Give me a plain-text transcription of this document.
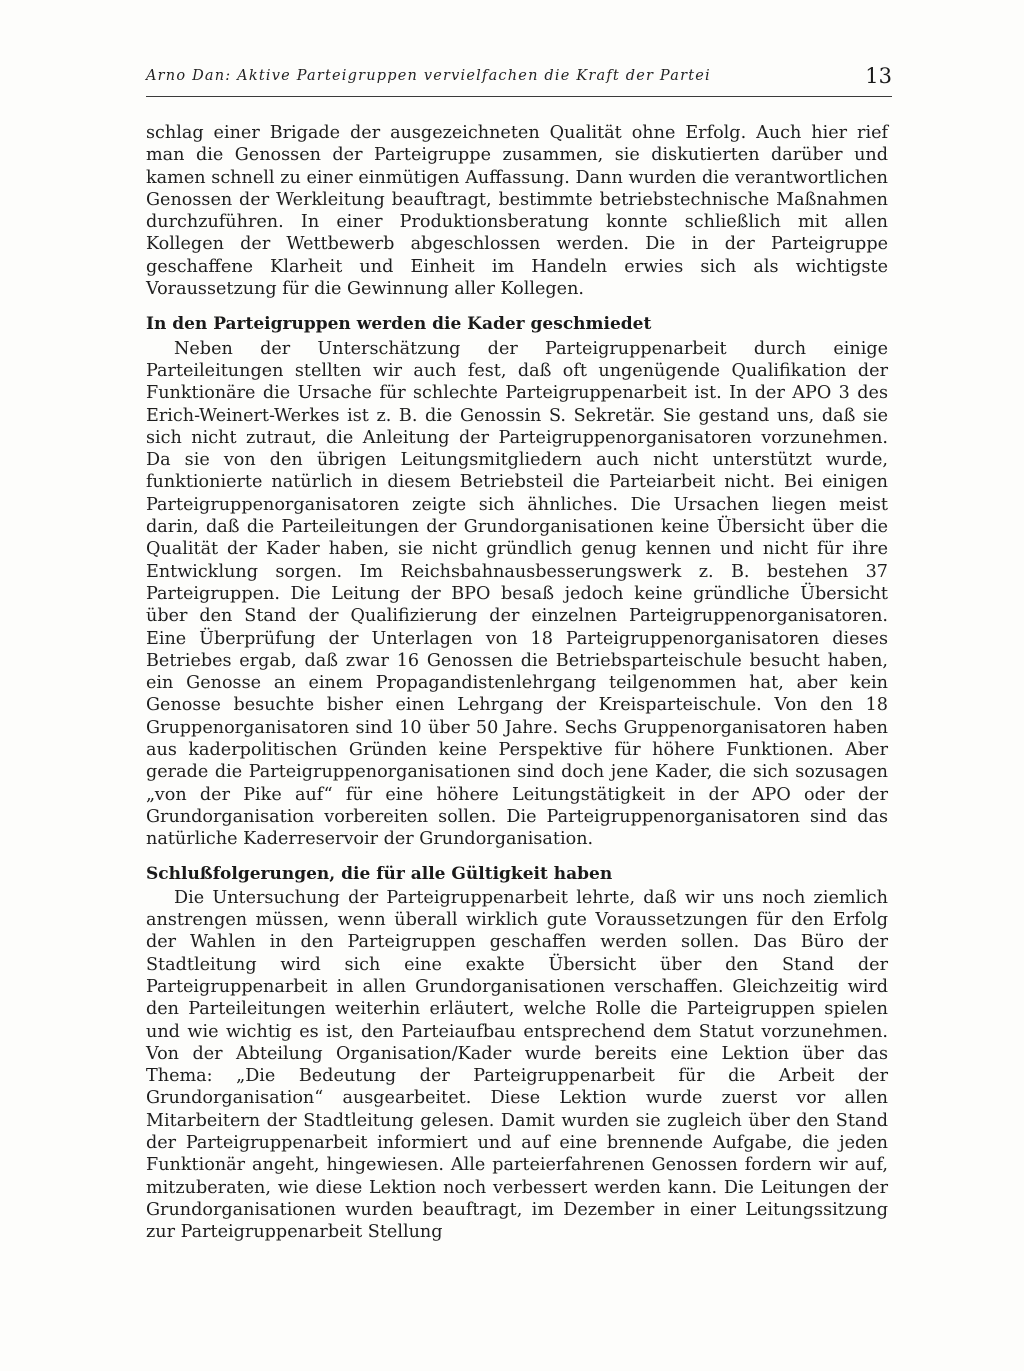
Arno Dan: Aktive Parteigruppen vervielfachen die Kraft der Partei	13

schlag einer Brigade der ausgezeichneten Qualität ohne Erfolg. Auch hier rief man die Genossen der Parteigruppe zusammen, sie diskutierten darüber und kamen schnell zu einer einmütigen Auffassung. Dann wurden die verantwortlichen Genossen der Werkleitung beauftragt, bestimmte betriebstechnische Maßnahmen durchzuführen. In einer Produktionsberatung konnte schließlich mit allen Kollegen der Wettbewerb abgeschlossen werden. Die in der Parteigruppe geschaffene Klarheit und Einheit im Handeln erwies sich als wichtigste Voraussetzung für die Gewinnung aller Kollegen.

In den Parteigruppen werden die Kader geschmiedet

Neben der Unterschätzung der Parteigruppenarbeit durch einige Parteileitungen stellten wir auch fest, daß oft ungenügende Qualifikation der Funktionäre die Ursache für schlechte Parteigruppenarbeit ist. In der APO 3 des Erich-Weinert-Werkes ist z. B. die Genossin S. Sekretär. Sie gestand uns, daß sie sich nicht zutraut, die Anleitung der Parteigruppenorganisatoren vorzunehmen. Da sie von den übrigen Leitungsmitgliedern auch nicht unterstützt wurde, funktionierte natürlich in diesem Betriebsteil die Parteiarbeit nicht. Bei einigen Parteigruppenorganisatoren zeigte sich ähnliches. Die Ursachen liegen meist darin, daß die Parteileitungen der Grundorganisationen keine Übersicht über die Qualität der Kader haben, sie nicht gründlich genug kennen und nicht für ihre Entwicklung sorgen. Im Reichsbahnausbesserungswerk z. B. bestehen 37 Parteigruppen. Die Leitung der BPO besaß jedoch keine gründliche Übersicht über den Stand der Qualifizierung der einzelnen Parteigruppenorganisatoren. Eine Überprüfung der Unterlagen von 18 Parteigruppenorganisatoren dieses Betriebes ergab, daß zwar 16 Genossen die Betriebsparteischule besucht haben, ein Genosse an einem Propagandistenlehrgang teilgenommen hat, aber kein Genosse besuchte bisher einen Lehrgang der Kreisparteischule. Von den 18 Gruppenorganisatoren sind 10 über 50 Jahre. Sechs Gruppenorganisatoren haben aus kaderpolitischen Gründen keine Perspektive für höhere Funktionen. Aber gerade die Parteigruppenorganisationen sind doch jene Kader, die sich sozusagen „von der Pike auf“ für eine höhere Leitungstätigkeit in der APO oder der Grundorganisation vorbereiten sollen. Die Parteigruppenorganisatoren sind das natürliche Kaderreservoir der Grundorganisation.

Schlußfolgerungen, die für alle Gültigkeit haben

Die Untersuchung der Parteigruppenarbeit lehrte, daß wir uns noch ziemlich anstrengen müssen, wenn überall wirklich gute Voraussetzungen für den Erfolg der Wahlen in den Parteigruppen geschaffen werden sollen. Das Büro der Stadtleitung wird sich eine exakte Übersicht über den Stand der Parteigruppenarbeit in allen Grundorganisationen verschaffen. Gleichzeitig wird den Parteileitungen weiterhin erläutert, welche Rolle die Parteigruppen spielen und wie wichtig es ist, den Parteiaufbau entsprechend dem Statut vorzunehmen. Von der Abteilung Organisation/Kader wurde bereits eine Lektion über das Thema: „Die Bedeutung der Parteigruppenarbeit für die Arbeit der Grundorganisation“ ausgearbeitet. Diese Lektion wurde zuerst vor allen Mitarbeitern der Stadtleitung gelesen. Damit wurden sie zugleich über den Stand der Parteigruppenarbeit informiert und auf eine brennende Aufgabe, die jeden Funktionär angeht, hingewiesen. Alle parteierfahrenen Genossen fordern wir auf, mitzuberaten, wie diese Lektion noch verbessert werden kann. Die Leitungen der Grundorganisationen wurden beauftragt, im Dezember in einer Leitungssitzung zur Parteigruppenarbeit Stellung
